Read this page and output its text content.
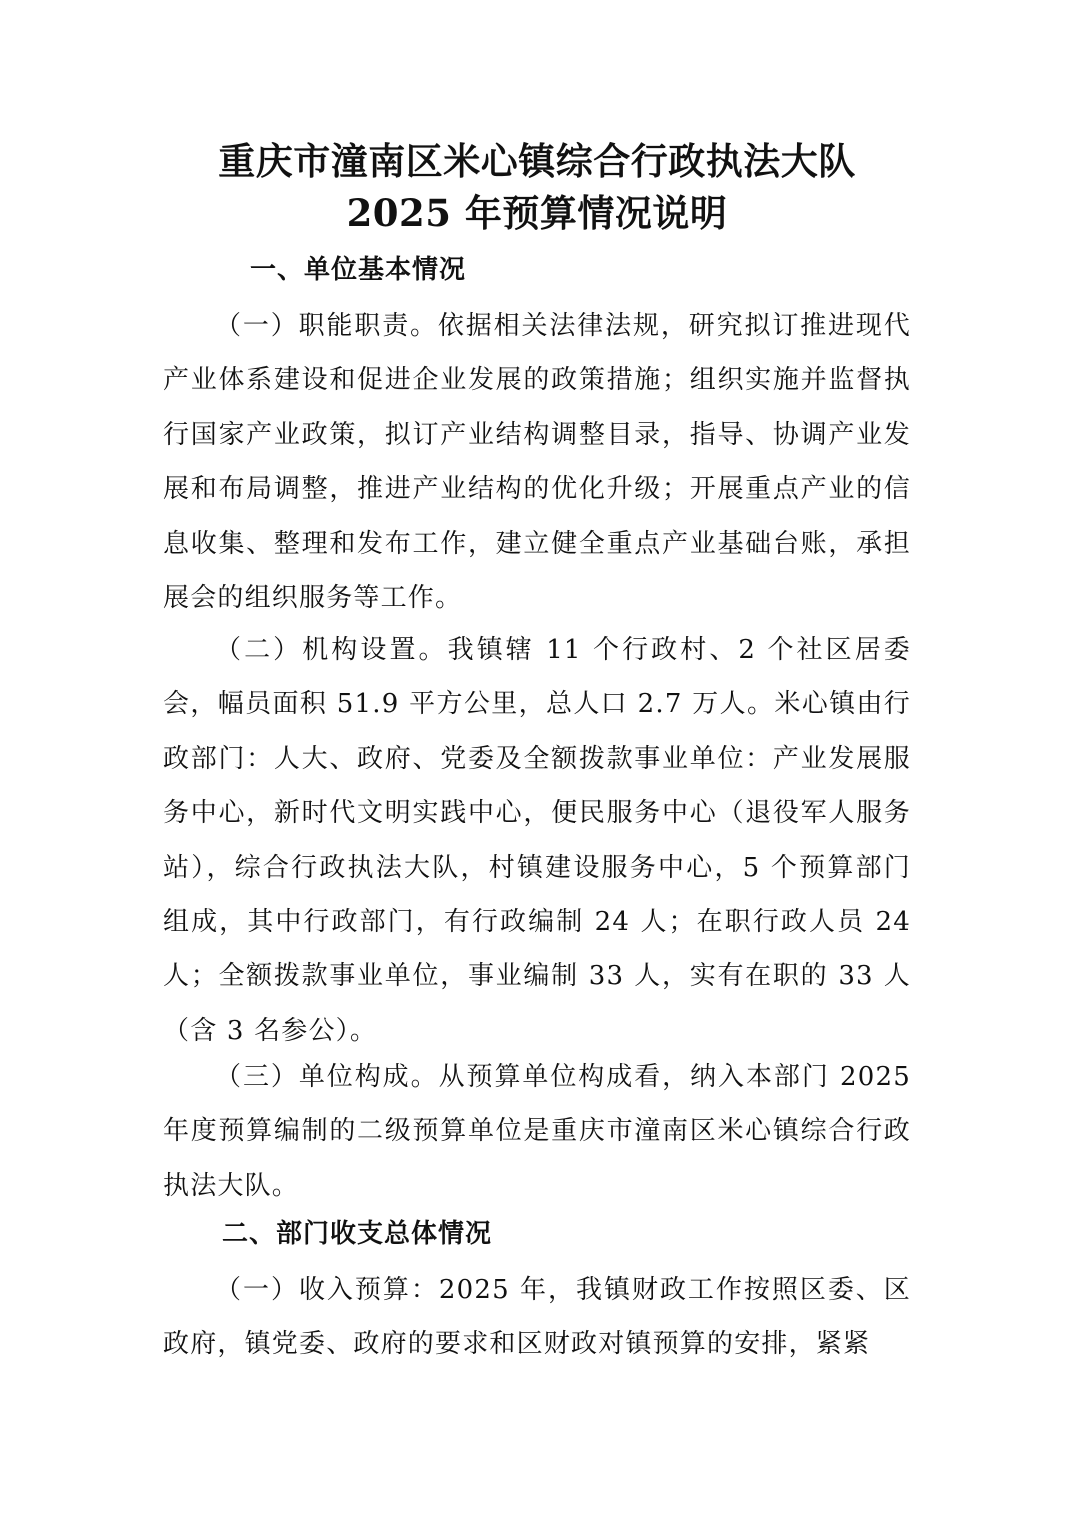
重庆市潼南区米心镇综合行政执法大队
2025 年预算情况说明
一、单位基本情况
（一）职能职责。依据相关法律法规，研究拟订推进现代产业体系建设和促进企业发展的政策措施；组织实施并监督执行国家产业政策，拟订产业结构调整目录，指导、协调产业发展和布局调整，推进产业结构的优化升级；开展重点产业的信息收集、整理和发布工作，建立健全重点产业基础台账，承担展会的组织服务等工作。
（二）机构设置。我镇辖 11 个行政村、2 个社区居委会，幅员面积 51.9 平方公里，总人口 2.7 万人。米心镇由行政部门：人大、政府、党委及全额拨款事业单位：产业发展服务中心，新时代文明实践中心，便民服务中心（退役军人服务站），综合行政执法大队，村镇建设服务中心，5 个预算部门组成，其中行政部门，有行政编制 24 人；在职行政人员 24 人；全额拨款事业单位，事业编制 33 人，实有在职的 33 人（含 3 名参公）。
（三）单位构成。从预算单位构成看，纳入本部门 2025 年度预算编制的二级预算单位是重庆市潼南区米心镇综合行政执法大队。
二、部门收支总体情况
（一）收入预算：2025 年，我镇财政工作按照区委、区政府，镇党委、政府的要求和区财政对镇预算的安排，紧紧
